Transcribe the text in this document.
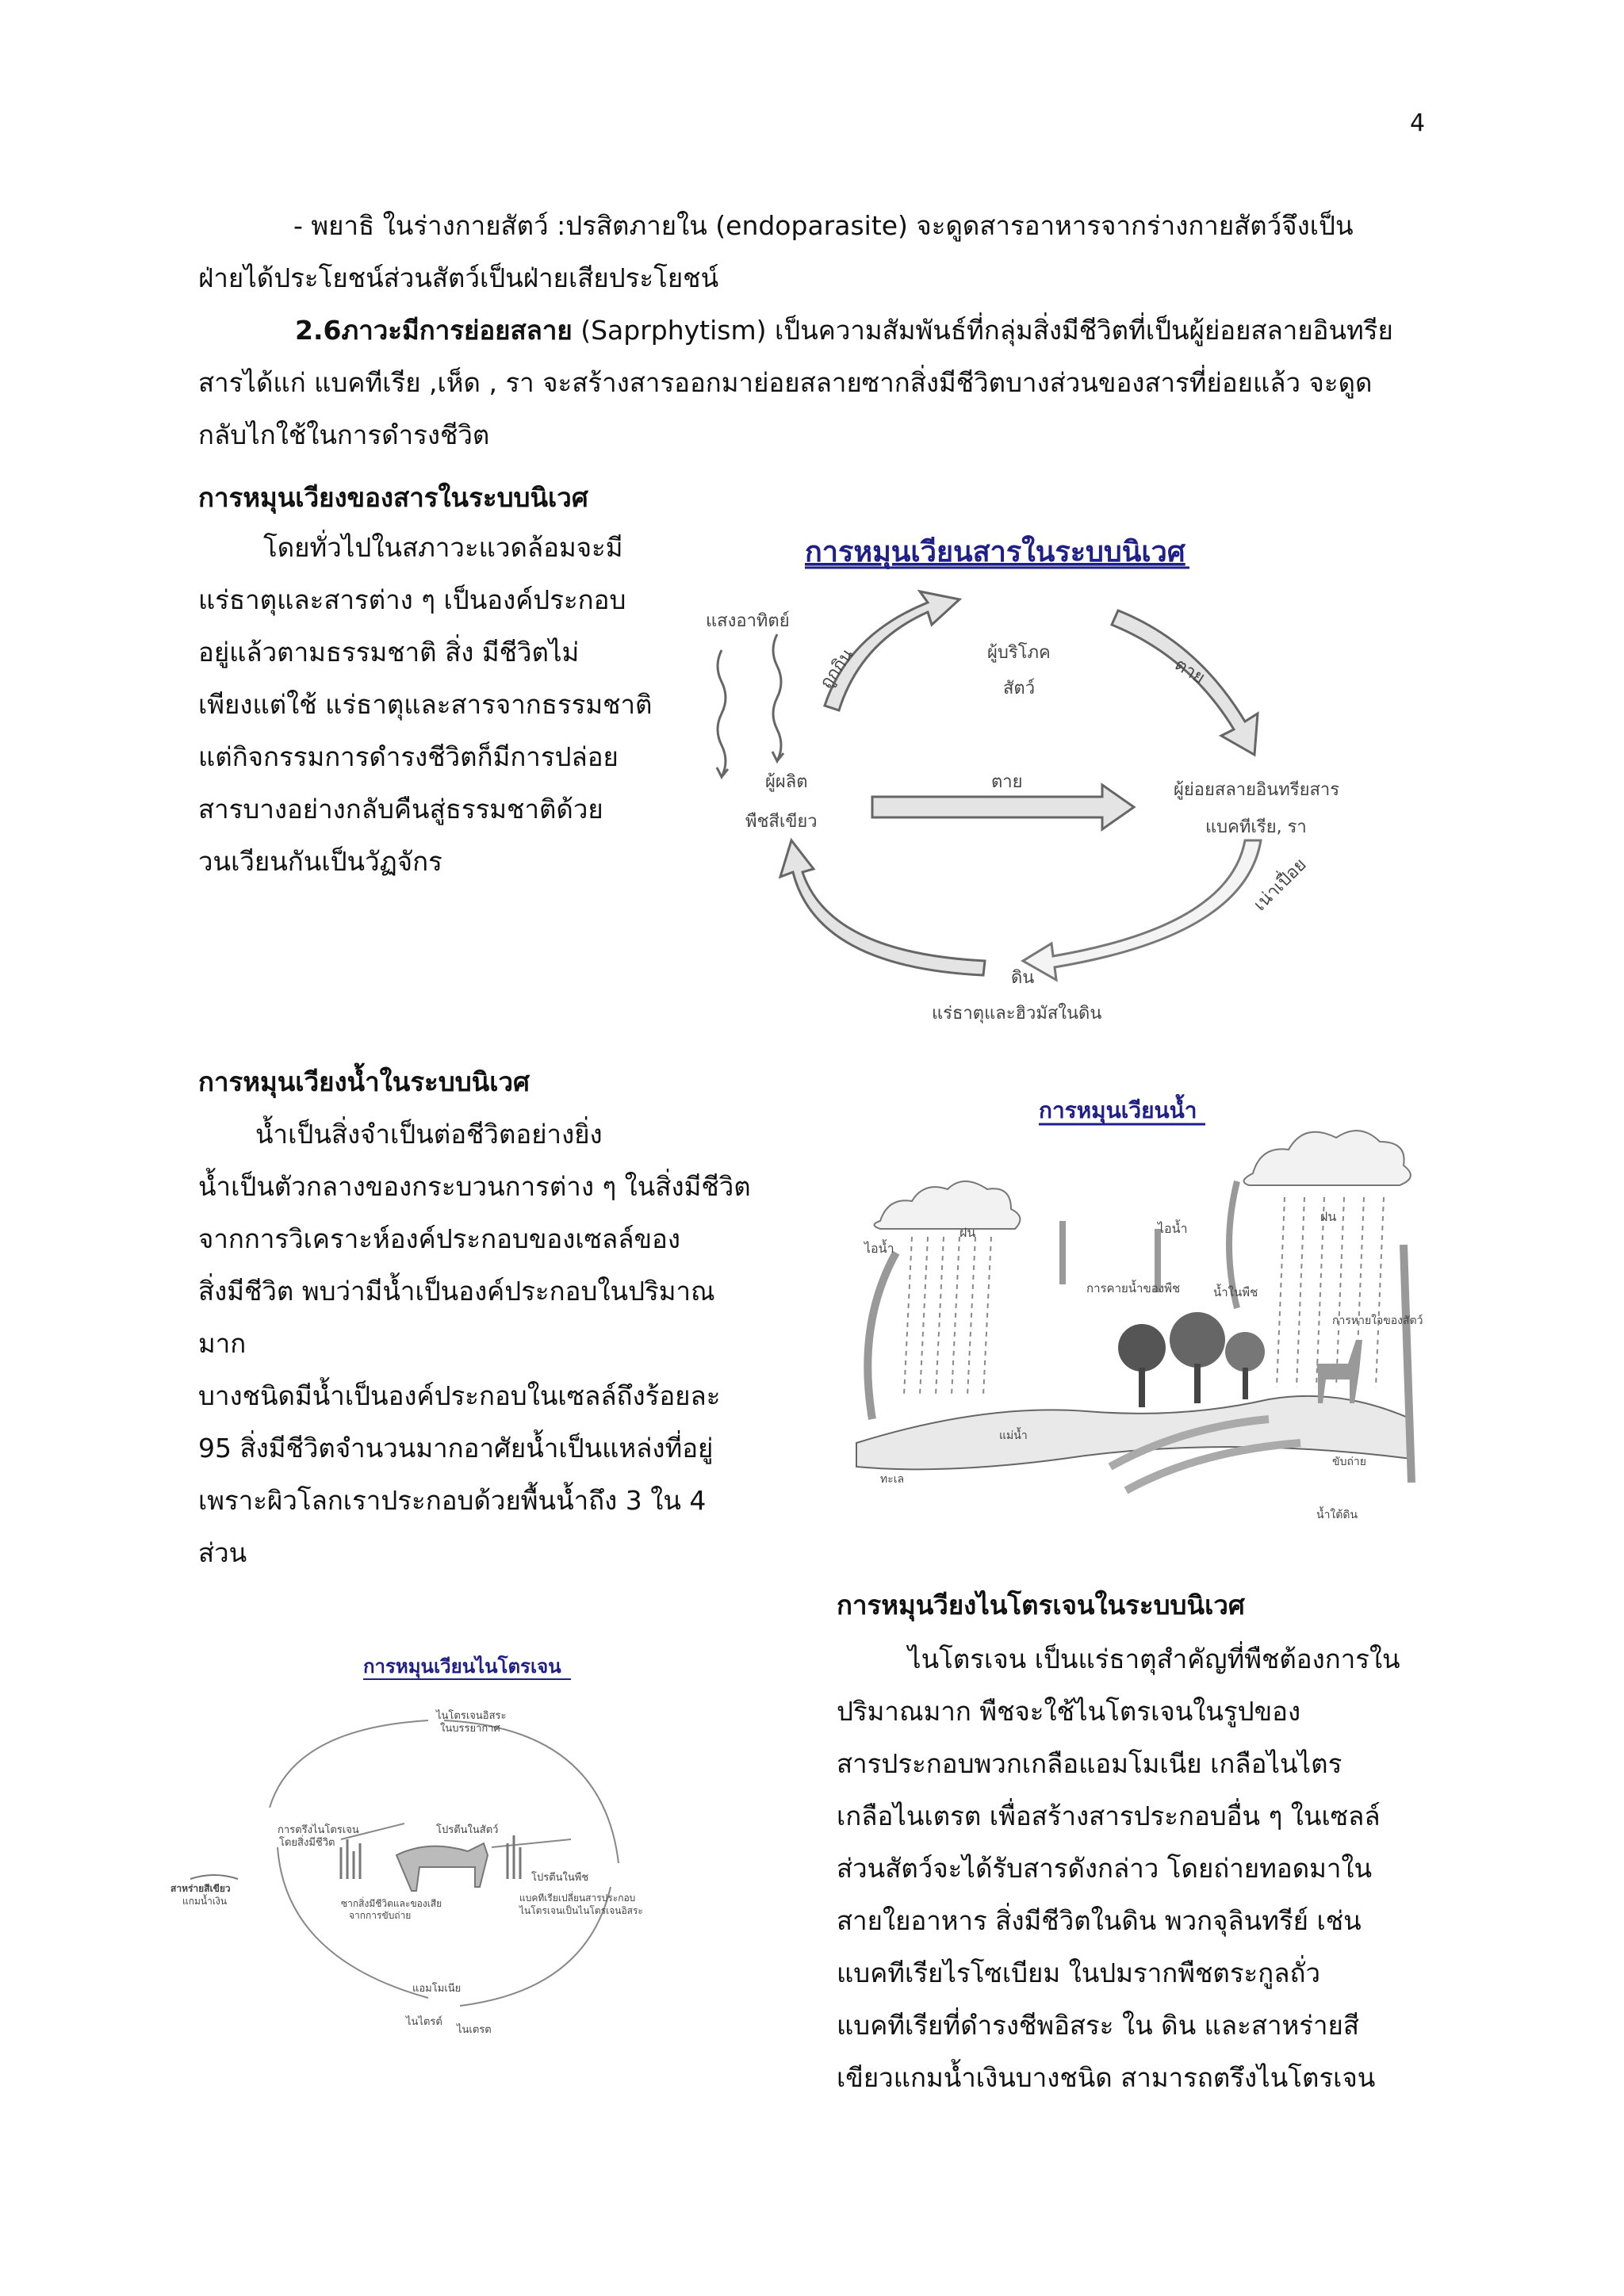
4

- พยาธิ ในร่างกายสัตว์ :ปรสิตภายใน (endoparasite) จะดูดสารอาหารจากร่างกายสัตว์จึงเป็น
ฝ่ายได้ประโยชน์ส่วนสัตว์เป็นฝ่ายเสียประโยชน์

2.6ภาวะมีการย่อยสลาย (Saprphytism) เป็นความสัมพันธ์ที่กลุ่มสิ่งมีชีวิตที่เป็นผู้ย่อยสลายอินทรีย
สารได้แก่ แบคทีเรีย ,เห็ด , รา จะสร้างสารออกมาย่อยสลายซากสิ่งมีชีวิตบางส่วนของสารที่ย่อยแล้ว จะดูด
กลับไกใช้ในการดำรงชีวิต

การหมุนเวียงของสารในระบบนิเวศ
โดยทั่วไปในสภาวะแวดล้อมจะมี
แร่ธาตุและสารต่าง ๆ เป็นองค์ประกอบ
อยู่แล้วตามธรรมชาติ สิ่ง มีชีวิตไม่
เพียงแต่ใช้ แร่ธาตุและสารจากธรรมชาติ
แต่กิจกรรมการดำรงชีวิตก็มีการปล่อย
สารบางอย่างกลับคืนสู่ธรรมชาติด้วย
วนเวียนกันเป็นวัฏจักร
การหมุนเวียนสารในระบบนิเวศ
แสงอาทิตย์
ถูกกิน	ผู้บริโภค
สัตว์
ตาย
ผู้ผลิต
พืชสีเขียว
ตาย	ผู้ย่อยสลายอินทรียสาร
แบคทีเรีย, รา
เน่าเปื่อย
ดิน
แร่ธาตุและฮิวมัสในดิน
การหมุนเวียงน้ำในระบบนิเวศ
น้ำเป็นสิ่งจำเป็นต่อชีวิตอย่างยิ่ง
น้ำเป็นตัวกลางของกระบวนการต่าง ๆ ในสิ่งมีชีวิต
จากการวิเคราะห์องค์ประกอบของเซลล์ของ
สิ่งมีชีวิต พบว่ามีน้ำเป็นองค์ประกอบในปริมาณ
มาก
บางชนิดมีน้ำเป็นองค์ประกอบในเซลล์ถึงร้อยละ
95 สิ่งมีชีวิตจำนวนมากอาศัยน้ำเป็นแหล่งที่อยู่
เพราะผิวโลกเราประกอบด้วยพื้นน้ำถึง 3 ใน 4
ส่วน
การหมุนเวียนน้ำ
ไอน้ำ
ฝน	ไอน้ำ
ฝน
การคายน้ำของพืช	น้ำในพืช
การหายใจของสัตว์
แม่น้ำ
ทะเล
ขับถ่าย
น้ำใต้ดิน
การหมุนวียงไนโตรเจนในระบบนิเวศ
ไนโตรเจน เป็นแร่ธาตุสำคัญที่พืชต้องการใน
ปริมาณมาก พืชจะใช้ไนโตรเจนในรูปของ
สารประกอบพวกเกลือแอมโมเนีย เกลือไนไตร
เกลือไนเตรต เพื่อสร้างสารประกอบอื่น ๆ ในเซลล์
ส่วนสัตว์จะได้รับสารดังกล่าว โดยถ่ายทอดมาใน
สายใยอาหาร สิ่งมีชีวิตในดิน พวกจุลินทรีย์ เช่น
แบคทีเรียไรโซเบียม ในปมรากพืชตระกูลถั่ว
แบคทีเรียที่ดำรงชีพอิสระ ใน ดิน และสาหร่ายสี
เขียวแกมน้ำเงินบางชนิด สามารถตรึงไนโตรเจน
การหมุนเวียนไนโตรเจน
ไนโตรเจนอิสระ
ในบรรยากาศ
การตรึงไนโตรเจน
โดยสิ่งมีชีวิต
โปรตีนในสัตว์
โปรตีนในพืช
สาหร่ายสีเขียว
แกมน้ำเงิน	แบคทีเรียเปลี่ยนสารประกอบ
ไนโตรเจนเป็นไนโตรเจนอิสระ
ซากสิ่งมีชีวิตและของเสีย
จากการขับถ่าย
แอมโมเนีย
ไนไตรต์
ไนเตรต
